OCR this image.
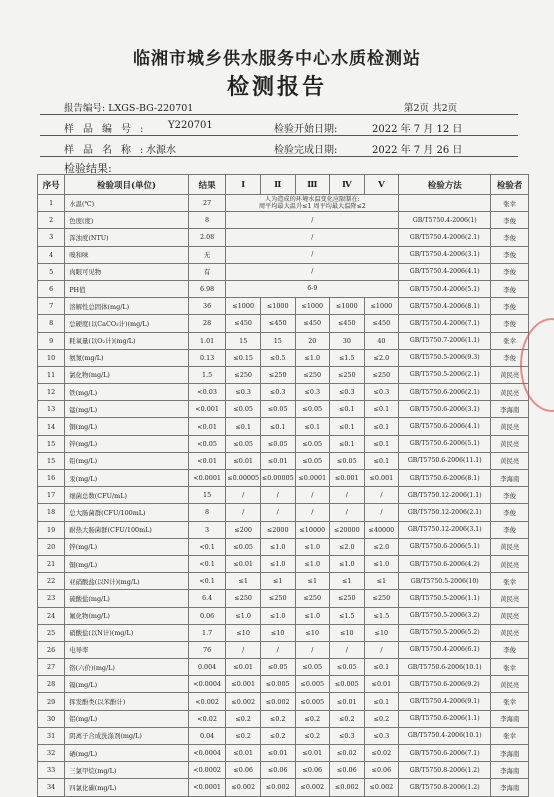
临湘市城乡供水服务中心水质检测站
检测报告
报告编号: LXGS-BG-220701	第2页 共2页
样品编号: Y220701	检验开始日期:	2022 年 7 月 12 日
样品名称:
水源水	检验完成日期:	2022 年 7 月 26 日
检验结果:
序号	检验项目(单位)	结果	Ⅰ	Ⅱ	Ⅲ	Ⅳ	Ⅴ	检验方法	检验者
1	水温(℃)	27	人为造成的环境水温变化应限制在:
周平均最大温升≤1 周平均最大温降≤2						张幸
2	色度(度)	8	/					GB/T5750.4-2006(1)	李俊
3	浑浊度(NTU)	2.08	/					GB/T5750.4-2006(2.1)	李俊
4	嗅和味	无	/					GB/T5750.4-2006(3.1)	李俊
5	肉眼可见物	有	/					GB/T5750.4-2006(4.1)	李俊
6	PH值	6.98	6-9					GB/T5750.4-2006(5.1)	李俊
7	溶解性总固体(mg/L)	36	≤1000	≤1000	≤1000	≤1000	≤1000	GB/T5750.4-2006(8.1)	李俊
8	总硬度(以CaCO₃计)(mg/L)	28	≤450	≤450	≤450	≤450	≤450	GB/T5750.4-2006(7.1)	李俊
9	耗氧量(以O₂计)(mg/L)	1.01	15	15	20	30	40	GB/T5750.7-2006(1.1)	张幸
10	氨氮(mg/L)	0.13	≤0.15	≤0.5	≤1.0	≤1.5	≤2.0	GB/T5750.5-2006(9.3)	李俊
11	氯化物(mg/L)	1.5	≤250	≤250	≤250	≤250	≤250	GB/T5750.5-2006(2.1)	黄民亮
12	铁(mg/L)	<0.03	≤0.3	≤0.3	≤0.3	≤0.3	≤0.3	GB/T5750.6-2006(2.1)	黄民亮
13	锰(mg/L)	<0.001	≤0.05	≤0.05	≤0.05	≤0.1	≤0.1	GB/T5750.6-2006(3.1)	李海南
14	铜(mg/L)	<0.01	≤0.1	≤0.1	≤0.1	≤0.1	≤0.1	GB/T5750.6-2006(4.1)	黄民亮
15	锌(mg/L)	<0.05	≤0.05	≤0.05	≤0.05	≤0.1	≤0.1	GB/T5750.6-2006(5.1)	黄民亮
15	铅(mg/L)	<0.01	≤0.01	≤0.01	≤0.05	≤0.05	≤0.1	GB/T5750.6-2006(11.1)	黄民亮
16	汞(mg/L)	<0.0001	≤0.00005	≤0.00005	≤0.0001	≤0.001	≤0.001	GB/T5750.6-2006(8.1)	李海南
17	细菌总数(CFU/mL)	15	/	/	/	/	/	GB/T5750.12-2006(1.1)	李俊
18	总大肠菌群(CFU/100mL)	8	/	/	/	/	/	GB/T5750.12-2006(2.1)	李俊
19	耐热大肠菌群(CFU/100mL)	3	≤200	≤2000	≤10000	≤20000	≤40000	GB/T5750.12-2006(3.1)	李俊
20	锌(mg/L)	<0.1	≤0.05	≤1.0	≤1.0	≤2.0	≤2.0	GB/T5750.6-2006(5.1)	黄民亮
21	铜(mg/L)	<0.1	≤0.01	≤1.0	≤1.0	≤1.0	≤1.0	GB/T5750.6-2006(4.2)	黄民亮
22	亚硝酸盐(以N计)(mg/L)	<0.1	≤1	≤1	≤1	≤1	≤1	GB/T5750.5-2006(10)	张幸
23	硫酸盐(mg/L)	6.4	≤250	≤250	≤250	≤250	≤250	GB/T5750.5-2006(1.1)	黄民亮
24	氟化物(mg/L)	0.06	≤1.0	≤1.0	≤1.0	≤1.5	≤1.5	GB/T5750.5-2006(3.2)	黄民亮
25	硝酸盐(以N计)(mg/L)	1.7	≤10	≤10	≤10	≤10	≤10	GB/T5750.5-2006(5.2)	黄民亮
26	电导率	76	/	/	/	/	/	GB/T5750.4-2006(6.1)	李俊
27	铬(六价)(mg/L)	0.004	≤0.01	≤0.05	≤0.05	≤0.05	≤0.1	GB/T5750.6-2006(10.1)	张幸
28	镉(mg/L)	<0.0004	≤0.001	≤0.005	≤0.005	≤0.005	≤0.01	GB/T5750.6-2006(9.2)	黄民亮
29	挥发酚类(以苯酚计)	<0.002	≤0.002	≤0.002	≤0.005	≤0.01	≤0.1	GB/T5750.4-2006(9.1)	张幸
30	铝(mg/L)	<0.02	≤0.2	≤0.2	≤0.2	≤0.2	≤0.2	GB/T5750.6-2006(1.1)	李海南
31	阴离子合成洗涤剂(mg/L)	0.04	≤0.2	≤0.2	≤0.2	≤0.3	≤0.3	GB/T5750.4-2006(10.1)	张幸
32	硒(mg/L)	<0.0004	≤0.01	≤0.01	≤0.01	≤0.02	≤0.02	GB/T5750.6-2006(7.1)	李海南
33	三氯甲烷(mg/L)	<0.0002	≤0.06	≤0.06	≤0.06	≤0.06	≤0.06	GB/T5750.8-2006(1.2)	李海南
34	四氯化碳(mg/L)	<0.0001	≤0.002	≤0.002	≤0.002	≤0.002	≤0.002	GB/T5750.8-2006(1.2)	李海南
